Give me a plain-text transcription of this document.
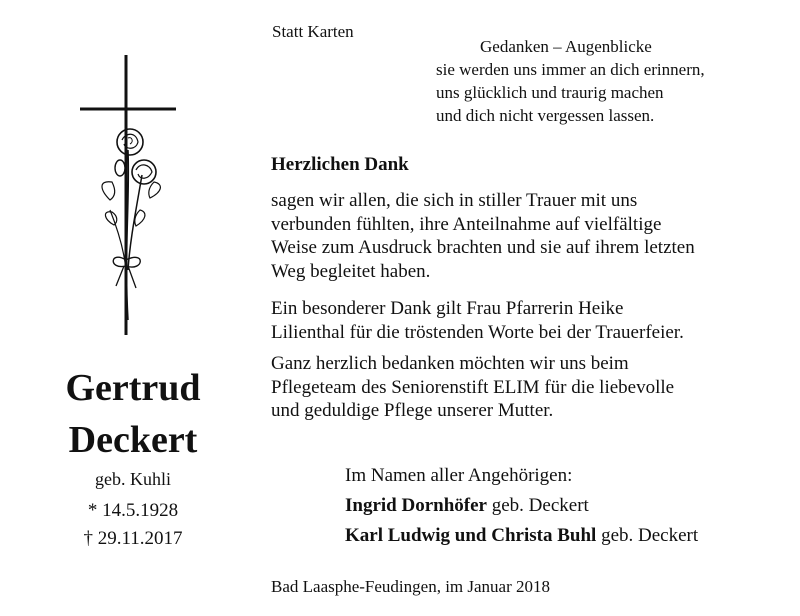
Statt Karten
Gedanken – Augenblicke
sie werden uns immer an dich erinnern,
uns glücklich und traurig machen
und dich nicht vergessen lassen.
Herzlichen Dank
sagen wir allen, die sich in stiller Trauer mit uns
verbunden fühlten, ihre Anteilnahme auf vielfältige
Weise zum Ausdruck brachten und sie auf ihrem letzten
Weg begleitet haben.
Ein besonderer Dank gilt Frau Pfarrerin Heike
Lilienthal für die tröstenden Worte bei der Trauerfeier.
Ganz herzlich bedanken möchten wir uns beim
Pflegeteam des Seniorenstift ELIM für die liebevolle
und geduldige Pflege unserer Mutter.
Gertrud
Deckert
geb. Kuhli
* 14.5.1928
† 29.11.2017
Im Namen aller Angehörigen:
Ingrid Dornhöfer geb. Deckert
Karl Ludwig und Christa Buhl geb. Deckert
Bad Laasphe-Feudingen, im Januar 2018
